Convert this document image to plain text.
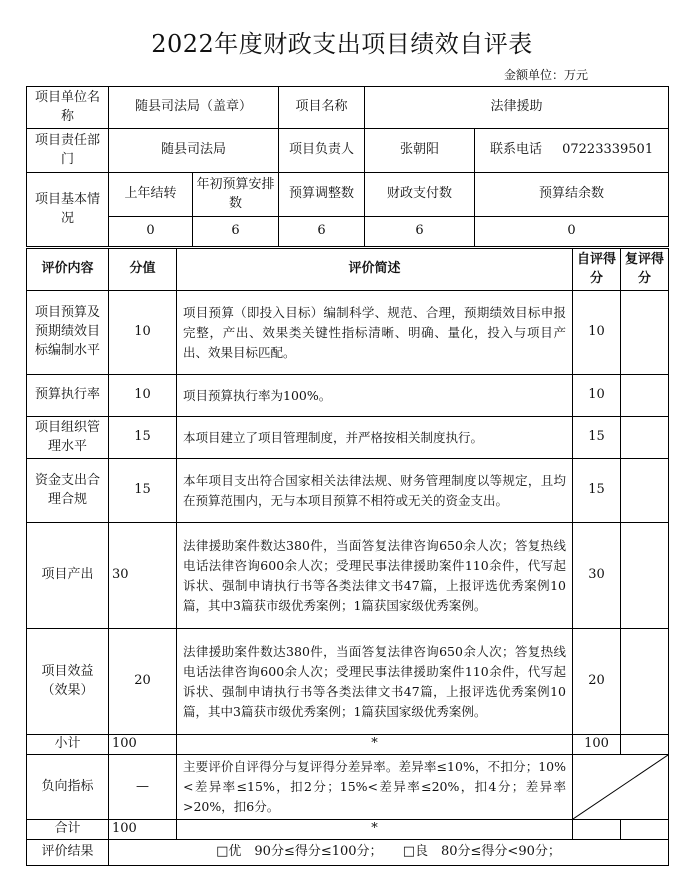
2022年度财政支出项目绩效自评表
金额单位：万元
项目单位名称	随县司法局（盖章）		项目名称	法律援助	
项目责任部门	随县司法局		项目负责人	张朝阳	联系电话 07223339501
项目基本情况	上年结转	年初预算安排数	预算调整数	财政支付数	预算结余数
	0	6	6	6	0
评价内容	分值	评价简述	自评得分	复评得分
项目预算及预期绩效目标编制水平	10	项目预算（即投入目标）编制科学、规范、合理，预期绩效目标申报完整，产出、效果类关键性指标清晰、明确、量化，投入与项目产出、效果目标匹配。	10	
预算执行率	10	项目预算执行率为100%。	10	
项目组织管理水平	15	本项目建立了项目管理制度，并严格按相关制度执行。	15	
资金支出合理合规	15	本年项目支出符合国家相关法律法规、财务管理制度以等规定，且均在预算范围内，无与本项目预算不相符或无关的资金支出。	15	
项目产出	30	法律援助案件数达380件，当面答复法律咨询650余人次；答复热线电话法律咨询600余人次；受理民事法律援助案件110余件，代写起诉状、强制申请执行书等各类法律文书47篇，上报评选优秀案例10篇，其中3篇获市级优秀案例；1篇获国家级优秀案例。	30	
项目效益（效果）	20	法律援助案件数达380件，当面答复法律咨询650余人次；答复热线电话法律咨询600余人次；受理民事法律援助案件110余件，代写起诉状、强制申请执行书等各类法律文书47篇，上报评选优秀案例10篇，其中3篇获市级优秀案例；1篇获国家级优秀案例。	20	
小计	100	*	100	
负向指标	—	主要评价自评得分与复评得分差异率。差异率≤10%，不扣分；10%<差异率≤15%，扣2分；15%<差异率≤20%，扣4分；差异率>20%，扣6分。	

合计	100	*		
评价结果	□优　90分≤得分≤100分； □良　80分≤得分<90分；			
